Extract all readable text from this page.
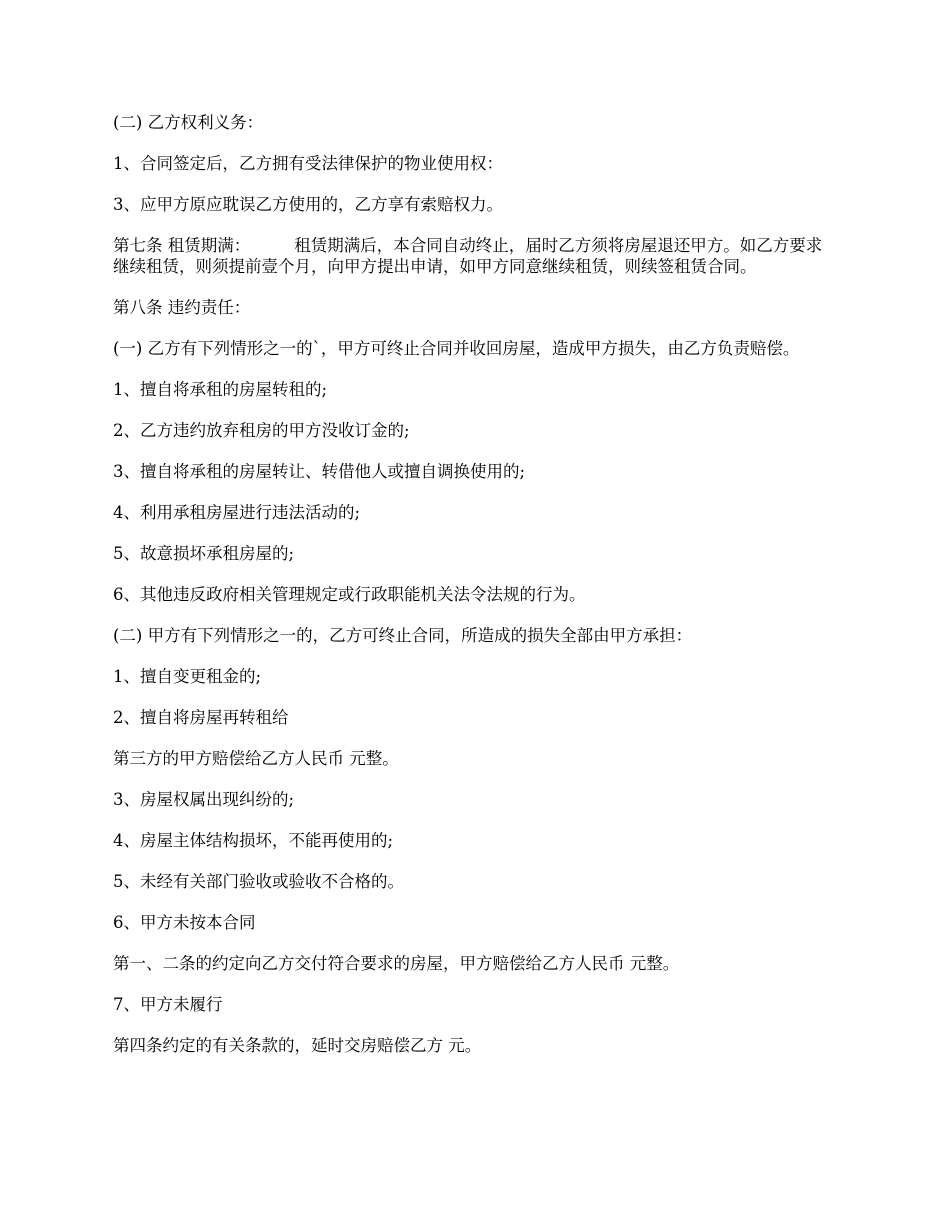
(二) 乙方权利义务：

1、合同签定后，乙方拥有受法律保护的物业使用权：

3、应甲方原应耽误乙方使用的，乙方享有索赔权力。

第七条 租赁期满：	租赁期满后，本合同自动终止，届时乙方须将房屋退还甲方。如乙方要求继续租赁，则须提前壹个月，向甲方提出申请，如甲方同意继续租赁，则续签租赁合同。

第八条 违约责任：

(一) 乙方有下列情形之一的`，甲方可终止合同并收回房屋，造成甲方损失，由乙方负责赔偿。

1、擅自将承租的房屋转租的;

2、乙方违约放弃租房的甲方没收订金的;

3、擅自将承租的房屋转让、转借他人或擅自调换使用的;

4、利用承租房屋进行违法活动的;

5、故意损坏承租房屋的;

6、其他违反政府相关管理规定或行政职能机关法令法规的行为。

(二) 甲方有下列情形之一的，乙方可终止合同，所造成的损失全部由甲方承担：

1、擅自变更租金的;

2、擅自将房屋再转租给

第三方的甲方赔偿给乙方人民币 元整。

3、房屋权属出现纠纷的;

4、房屋主体结构损坏，不能再使用的;

5、未经有关部门验收或验收不合格的。

6、甲方未按本合同

第一、二条的约定向乙方交付符合要求的房屋，甲方赔偿给乙方人民币 元整。

7、甲方未履行

第四条约定的有关条款的，延时交房赔偿乙方 元。
